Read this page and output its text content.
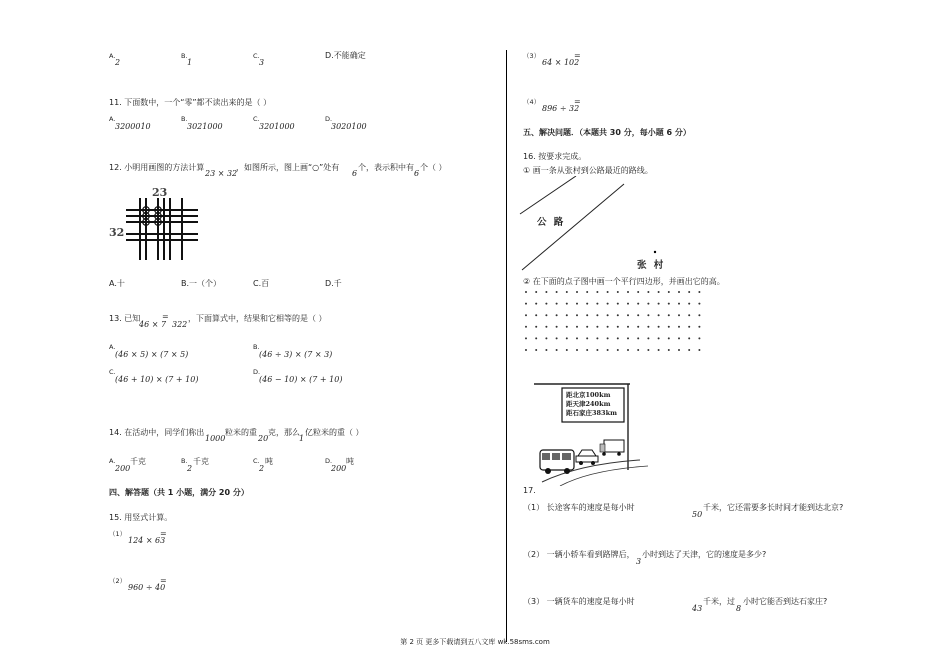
A.
2
B.
1
C.
3
D.不能确定
11. 下面数中，一个“零”都不读出来的是（ ）
A.
3200010
B.
3021000
C.
3201000
D.
3020100
12. 小明用画图的方法计算
23 × 32
，如图所示，图上画“○”处有
6
个，表示积中有
6
个（ ）
23
32
A.十	B.一（个）	C.百	D.千
13. 已知
46 × 7
=
322
，下面算式中，结果和它相等的是（ ）
A.
(46 × 5) × (7 × 5)
B.
(46 ÷ 3) × (7 × 3)
C.
(46 + 10) × (7 + 10)
D.
(46 − 10) × (7 + 10)
14. 在活动中，同学们称出
1000
粒米的重
20
克，那么
1
亿粒米的重（ ）
A.
200
千克	B.
2
千克	C.
2
吨	D.
200
吨
四、解答题（共 1 小题，满分 20 分）
15. 用竖式计算。
（1）
124 × 63
=
（2）
960 ÷ 40
=
（3）
64 × 102
=
（4）
896 ÷ 32
=
五、解决问题．（本题共 30 分，每小题 6 分）
16. 按要求完成。
① 画一条从张村到公路最近的路线。
公 路
张 村
② 在下面的点子图中画一个平行四边形，并画出它的高。
距北京100km
距天津240km
距石家庄383km
17.
（1） 长途客车的速度是每小时
50
千米，它还需要多长时间才能到达北京?
（2） 一辆小轿车看到路牌后，
3
小时到达了天津，它的速度是多少?
（3） 一辆货车的速度是每小时
43
千米，过
8
小时它能否到达石家庄?
第 2 页 更多下载请到五八文库 wk.58sms.com
